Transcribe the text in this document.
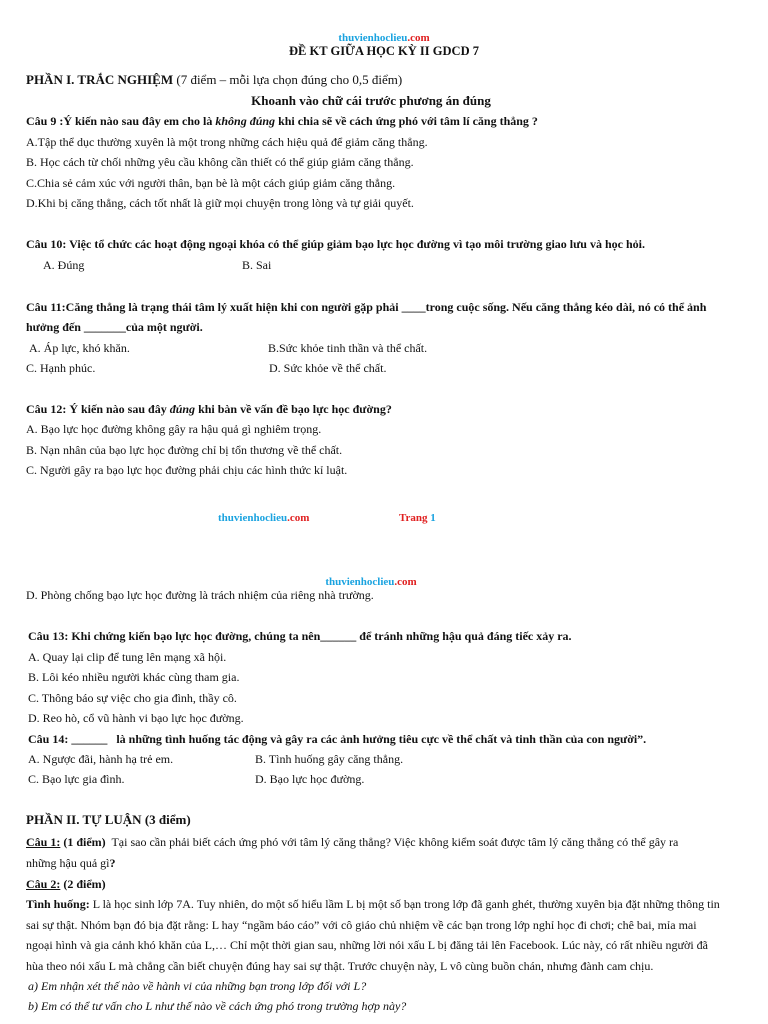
thuvienhoclieu.com
ĐỀ KT GIỮA HỌC KỲ II GDCD 7
PHẦN I. TRẮC NGHIỆM (7 điểm – mỗi lựa chọn đúng cho 0,5 điểm)
Khoanh vào chữ cái trước phương án đúng
Câu 9 :Ý kiến nào sau đây em cho là không đúng khi chia sẽ về cách ứng phó với tâm lí căng thẳng ?
A.Tập thể dục thường xuyên là một trong những cách hiệu quả để giảm căng thẳng.
B. Học cách từ chối những yêu cầu không cần thiết có thể giúp giảm căng thẳng.
C.Chia sẻ cảm xúc với người thân, bạn bè là một cách giúp giảm căng thẳng.
D.Khi bị căng thẳng, cách tốt nhất là giữ mọi chuyện trong lòng và tự giải quyết.
Câu 10: Việc tổ chức các hoạt động ngoại khóa có thể giúp giảm bạo lực học đường vì tạo môi trường giao lưu và học hỏi.
A. Đúng	B. Sai
Câu 11:Căng thẳng là trạng thái tâm lý xuất hiện khi con người gặp phải ____trong cuộc sống. Nếu căng thẳng kéo dài, nó có thể ảnh
hưởng đến _______của một người.
A. Áp lực, khó khăn.	B.Sức khỏe tinh thần và thể chất.
C. Hạnh phúc.	D. Sức khỏe về thể chất.
Câu 12: Ý kiến nào sau đây đúng khi bàn về vấn đề bạo lực học đường?
A. Bạo lực học đường không gây ra hậu quả gì nghiêm trọng.
B. Nạn nhân của bạo lực học đường chỉ bị tổn thương về thể chất.
C. Người gây ra bạo lực học đường phải chịu các hình thức kỉ luật.
thuvienhoclieu.com	Trang 1
thuvienhoclieu.com
D. Phòng chống bạo lực học đường là trách nhiệm của riêng nhà trường.
Câu 13: Khi chứng kiến bạo lực học đường, chúng ta nên______ để tránh những hậu quả đáng tiếc xảy ra.
A. Quay lại clip để tung lên mạng xã hội.
B. Lôi kéo nhiều người khác cùng tham gia.
C. Thông báo sự việc cho gia đình, thầy cô.
D. Reo hò, cổ vũ hành vi bạo lực học đường.
Câu 14: ______ là những tình huống tác động và gây ra các ảnh hưởng tiêu cực về thể chất và tinh thần của con người”.
A. Ngược đãi, hành hạ trẻ em.	B. Tình huống gây căng thẳng.
C. Bạo lực gia đình.	D. Bạo lực học đường.
PHẦN II. TỰ LUẬN (3 điểm)
Câu 1: (1 điểm) Tại sao cần phải biết cách ứng phó với tâm lý căng thẳng? Việc không kiểm soát được tâm lý căng thẳng có thể gây ra
những hậu quả gì?
Câu 2: (2 điểm)
Tình huống: L là học sinh lớp 7A. Tuy nhiên, do một số hiểu lầm L bị một số bạn trong lớp đã ganh ghét, thường xuyên bịa đặt những thông tin
sai sự thật. Nhóm bạn đó bịa đặt rằng: L hay “ngầm báo cáo” với cô giáo chủ nhiệm về các bạn trong lớp nghỉ học đi chơi; chê bai, mỉa mai
ngoại hình và gia cảnh khó khăn của L,… Chỉ một thời gian sau, những lời nói xấu L bị đăng tải lên Facebook. Lúc này, có rất nhiều người đã
hùa theo nói xấu L mà chẳng cần biết chuyện đúng hay sai sự thật. Trước chuyện này, L vô cùng buồn chán, nhưng đành cam chịu.
a) Em nhận xét thế nào về hành vi của những bạn trong lớp đối với L?
b) Em có thể tư vấn cho L như thế nào về cách ứng phó trong trường hợp này?
